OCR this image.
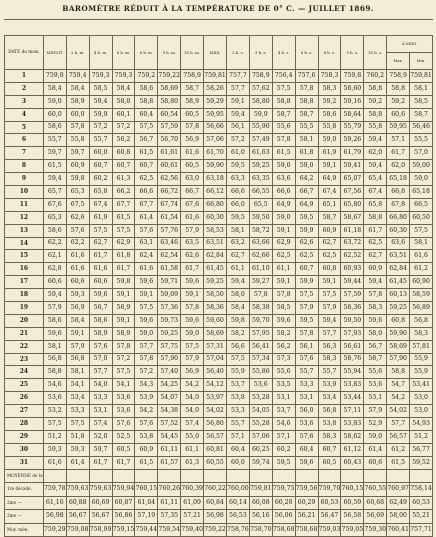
BAROMÈTRE RÉDUIT À LA TEMPÉRATURE DE 0° C. — JUILLET 1869.
DATE du mois.	MINUIT.	2 h. m.	4 h. m.	6 h. m.	8 h. m.	9 h. m.	10 h. m.	MIDI.	2 h. s.	3 h. s.	4 h. s.	6 h. s.	8 h. s.	9 h. s.	10 h. s.	À MIDI.	
																Max.	Min.
1	759,8	759,4	759,3	759,3	759,2	759,22	758,9	759,81	757,7	758,9	756,4	757,6	758,3	759,8	760,2	758,9	759,81
2	58,4	58,4	58,5	58,4	58,6	58,69	58,7	58,26	57,7	57,62	57,5	57,8	58,3	58,60	58,8	58,8	58,1
3	59,0	58,9	59,4	58,8	58,8	58,80	58,9	59,29	59,1	58,80	58,8	58,8	59,2	59,16	59,2	59,2	58,5
4	60,0	60,0	59,9	60,1	60,4	60,54	60,5	59,95	59,4	59,9	58,7	58,7	58,6	58,64	58,8	60,6	58,7
5	58,6	57,8	57,2	57,2	57,5	57,59	57,8	56,66	56,1	55,90	55,6	55,5	55,8	55,79	55,8	59,95	56,46
6	55,7	55,8	55,7	56,2	56,7	56,70	56,9	57,06	57,2	57,49	57,8	58,1	59,0	59,26	59,4	57,1	55,5
7	59,7	59,7	60,0	60,8	61,5	61,61	61,6	61,70	61,0	61,63	61,5	61,8	61,9	61,79	62,0	61,7	57,0
8	61,5	60,9	60,7	60,7	60,7	60,61	60,5	59,90	59,5	59,25	59,0	59,0	59,1	59,41	59,4	62,0	59,00
9	59,4	59,8	60,2	61,3	62,5	62,56	63,0	63,18	63,3	63,35	63,6	64,2	64,9	65,07	65,4	65,18	59,0
10	65,7	65,3	65,8	66,2	66,6	66,72	66,7	66,12	66,6	66,55	66,6	66,7	67,4	67,56	67,4	66,8	65,18
11	67,6	67,5	67,4	67,7	67,7	67,74	67,6	66,80	66,0	65,5	64,9	64,9	65,1	65,80	65,8	67,8	66,5
12	65,3	62,6	61,9	61,5	61,4	61,54	61,6	60,30	59,5	59,50	59,0	59,5	58,7	58,67	58,8	66,80	60,50
13	58,6	57,6	57,5	57,5	57,6	57,76	57,9	58,53	58,1	58,72	59,1	59,9	60,9	61,18	61,7	60,30	57,5
14	62,2	62,2	62,7	62,9	63,1	63,46	63,5	63,51	63,2	63,66	62,9	62,6	62,7	63,72	62,5	63,6	58,1
15	62,1	61,6	61,7	61,8	62,4	62,54	62,6	62,84	62,7	62,66	62,5	62,5	62,5	62,52	62,7	63,51	61,6
16	62,8	61,6	61,6	61,7	61,6	61,58	61,7	61,45	61,1	61,10	61,1	60,7	60,8	60,93	60,9	62,84	61,2
17	60,6	60,6	60,6	59,8	59,6	59,71	59,6	59,25	59,4	59,27	59,1	59,9	59,1	59,44	59,4	61,45	60,90
18	59,4	59,3	59,6	59,1	59,1	59,09	59,1	58,50	58,0	57,8	57,8	57,5	57,5	57,59	57,8	60,13	58,59
19	57,9	56,9	56,7	56,9	57,5	57,36	57,8	58,36	58,4	58,38	58,5	57,9	57,9	58,36	58,3	59,25	56,89
20	58,6	58,4	58,6	59,1	59,6	59,73	59,6	59,60	59,8	59,70	59,6	59,5	59,4	59,50	59,6	60,8	56,8
21	59,6	59,1	58,9	58,9	59,0	59,25	59,0	58,69	58,2	57,95	58,2	57,8	57,7	57,93	58,0	59,90	58,3
22	58,1	57,9	57,6	57,8	57,7	57,75	57,5	57,31	56,6	56,41	56,2	56,1	56,3	56,61	56,7	58,69	57,81
23	56,8	56,8	57,0	57,2	57,8	57,90	57,9	57,04	57,5	57,34	57,3	57,6	58,3	58,76	58,7	57,90	55,9
24	58,8	58,1	57,7	57,5	57,2	57,40	56,9	56,40	55,9	55,86	55,6	55,7	55,7	55,94	55,6	58,8	55,9
25	54,6	54,1	54,0	54,1	54,3	54,25	54,2	54,12	53,7	53,6	53,5	53,3	53,9	53,83	53,6	54,7	53,41
26	53,6	53,4	53,3	53,6	53,9	54,07	54,0	53,97	53,8	53,28	53,1	53,1	53,4	53,44	53,1	54,2	53,0
27	53,2	53,3	53,1	53,6	54,2	54,38	54,0	54,02	53,3	54,05	53,7	56,0	56,8	57,11	57,9	54,02	53,0
28	57,5	57,5	57,4	57,6	57,6	57,52	57,4	56,80	55,7	55,28	54,6	53,6	53,8	53,83	52,9	57,7	54,93
29	51,2	51,8	52,0	52,5	53,8	54,45	55,0	56,57	57,1	57,06	57,1	57,6	58,3	58,62	59,0	56,57	51,2
30	59,3	59,3	59,7	60,5	60,9	61,11	61,1	60,81	60,4	60,25	60,2	60,4	60,7	61,12	61,4	61,2	56,77
31	61,6	61,4	61,7	61,7	61,5	61,57	61,3	60,55	60,0	59,74	59,5	59,6	60,5	60,43	60,6	61,5	59,52
MOYENNE de la																	
1re décade.	759,78	759,63	759,63	759,94	760,15	760,26	760,39	760,22	760,00	759,81	759,75	759,56	759,70	760,15	760,55	760,97	758,14
2me —	61,16	60,88	60,69	60,87	61,04	61,11	61,09	60,84	60,14	60,08	60,28	60,29	60,53	60,59	60,68	62,49	60,53
3me —	56,98	56,67	56,67	56,86	57,19	57,35	57,21	56,98	56,53	56,16	56,06	56,21	56,47	56,58	56,69	58,00	55,21
Moy. mén.	759,29	759,08	758,99	759,15	759,44	759,54	759,40	759,22	758,76	758,70	758,68	758,68	759,03	759,05	759,30	760,41	757,71
